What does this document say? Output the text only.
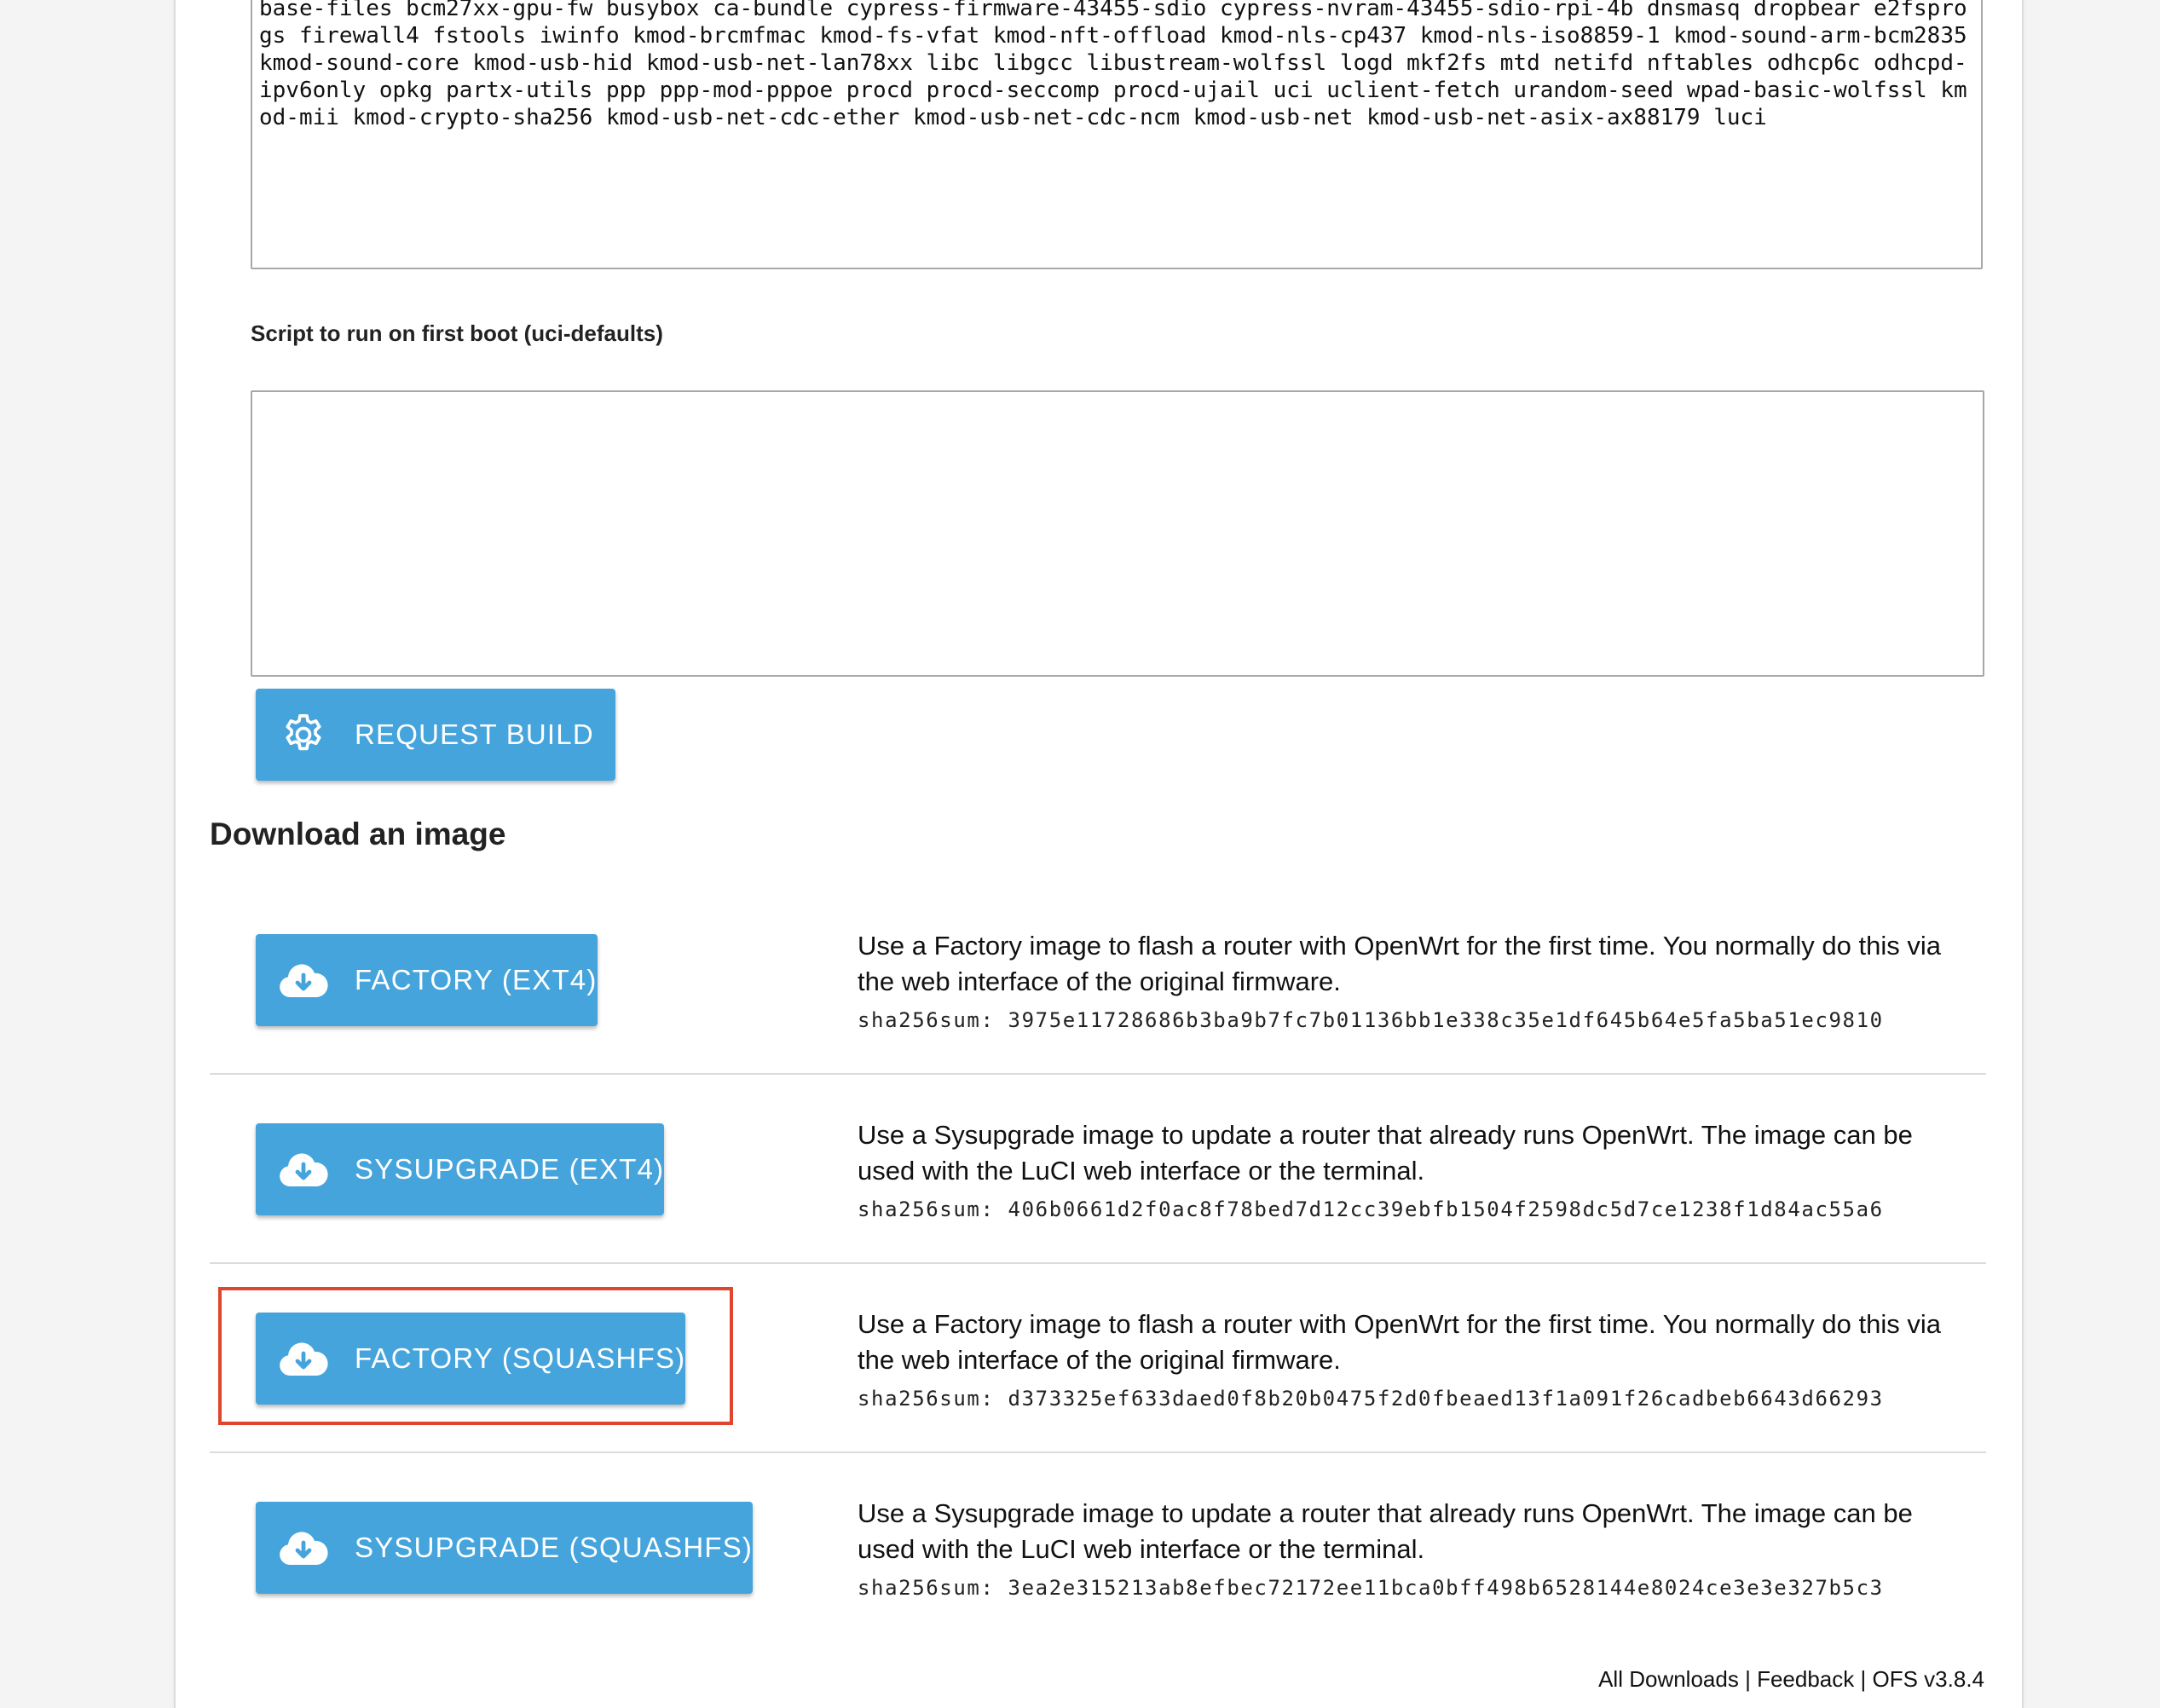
base-files bcm27xx-gpu-fw busybox ca-bundle cypress-firmware-43455-sdio cypress-nvram-43455-sdio-rpi-4b dnsmasq dropbear e2fsprogs firewall4 fstools iwinfo kmod-brcmfmac kmod-fs-vfat kmod-nft-offload kmod-nls-cp437 kmod-nls-iso8859-1 kmod-sound-arm-bcm2835 kmod-sound-core kmod-usb-hid kmod-usb-net-lan78xx libc libgcc libustream-wolfssl logd mkf2fs mtd netifd nftables odhcp6c odhcpd-ipv6only opkg partx-utils ppp ppp-mod-pppoe procd procd-seccomp procd-ujail uci uclient-fetch urandom-seed wpad-basic-wolfssl kmod-mii kmod-crypto-sha256 kmod-usb-net-cdc-ether kmod-usb-net-cdc-ncm kmod-usb-net kmod-usb-net-asix-ax88179 luci
Script to run on first boot (uci-defaults)
REQUEST BUILD
Download an image
FACTORY (EXT4)
Use a Factory image to flash a router with OpenWrt for the first time. You normally do this via the web interface of the original firmware.
sha256sum: 3975e11728686b3ba9b7fc7b01136bb1e338c35e1df645b64e5fa5ba51ec9810
SYSUPGRADE (EXT4)
Use a Sysupgrade image to update a router that already runs OpenWrt. The image can be used with the LuCI web interface or the terminal.
sha256sum: 406b0661d2f0ac8f78bed7d12cc39ebfb1504f2598dc5d7ce1238f1d84ac55a6
FACTORY (SQUASHFS)
Use a Factory image to flash a router with OpenWrt for the first time. You normally do this via the web interface of the original firmware.
sha256sum: d373325ef633daed0f8b20b0475f2d0fbeaed13f1a091f26cadbeb6643d66293
SYSUPGRADE (SQUASHFS)
Use a Sysupgrade image to update a router that already runs OpenWrt. The image can be used with the LuCI web interface or the terminal.
sha256sum: 3ea2e315213ab8efbec72172ee11bca0bff498b6528144e8024ce3e3e327b5c3
All Downloads | Feedback | OFS v3.8.4
